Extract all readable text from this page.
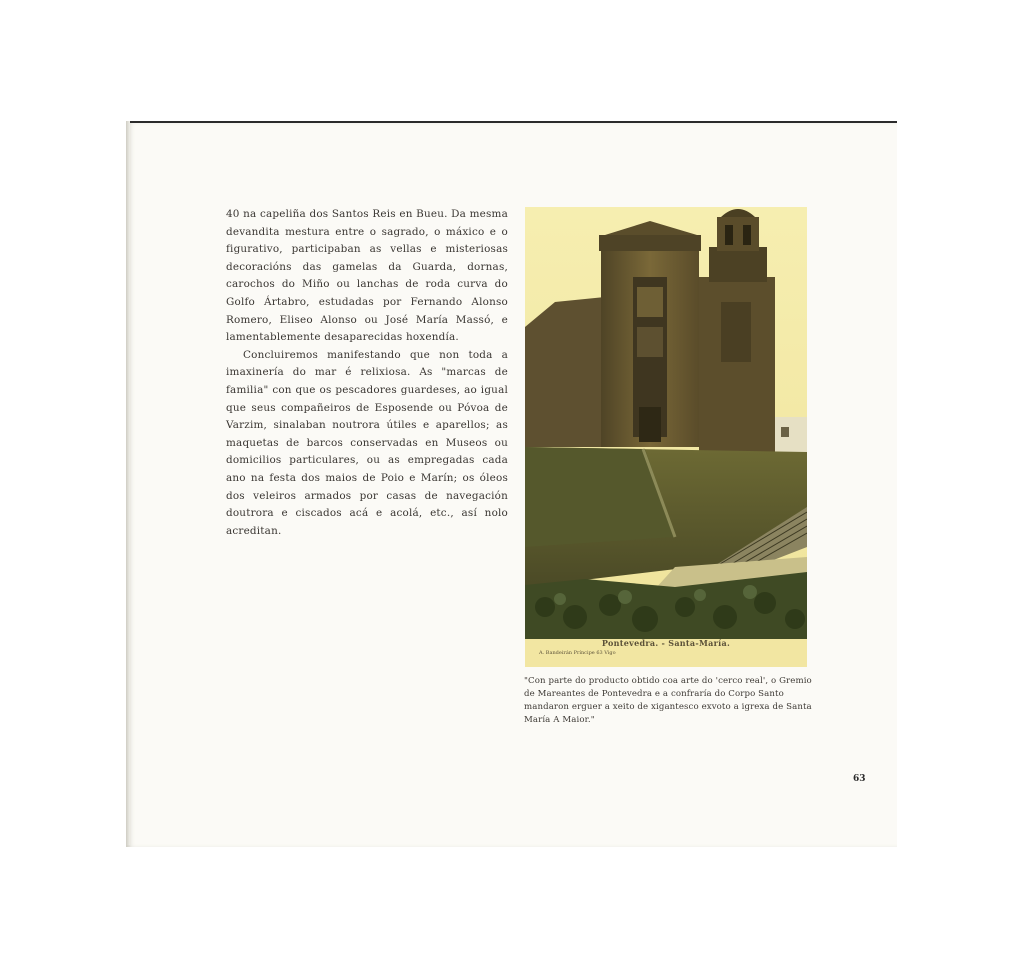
40 na capeliña dos Santos Reis en Bueu. Da mesma devandita mestura entre o sagrado, o máxico e o figurativo, participaban as vellas e misteriosas decoracións das gamelas da Guarda, dornas, carochos do Miño ou lanchas de roda curva do Golfo Ártabro, estudadas por Fernando Alonso Romero, Eliseo Alonso ou José María Massó, e lamentablemente desaparecidas hoxendía.

Concluiremos manifestando que non toda a imaxinería do mar é relixiosa. As "marcas de familia" con que os pescadores guardeses, ao igual que seus compañeiros de Esposende ou Póvoa de Varzim, sinalaban noutrora útiles e aparellos; as maquetas de barcos conservadas en Museos ou domicilios particulares, ou as empregadas cada ano na festa dos maios de Poio e Marín; os óleos dos veleiros armados por casas de navegación doutrora e ciscados acá e acolá, etc., así nolo acreditan.

Pontevedra. - Santa-María.
A. Bandeirán Príncipe 63 Vigo
"Con parte do producto obtido coa arte do 'cerco real', o Gremio de Mareantes de Pontevedra e a confraría do Corpo Santo mandaron erguer a xeito de xigantesco exvoto a igrexa de Santa María A Maior."
63
